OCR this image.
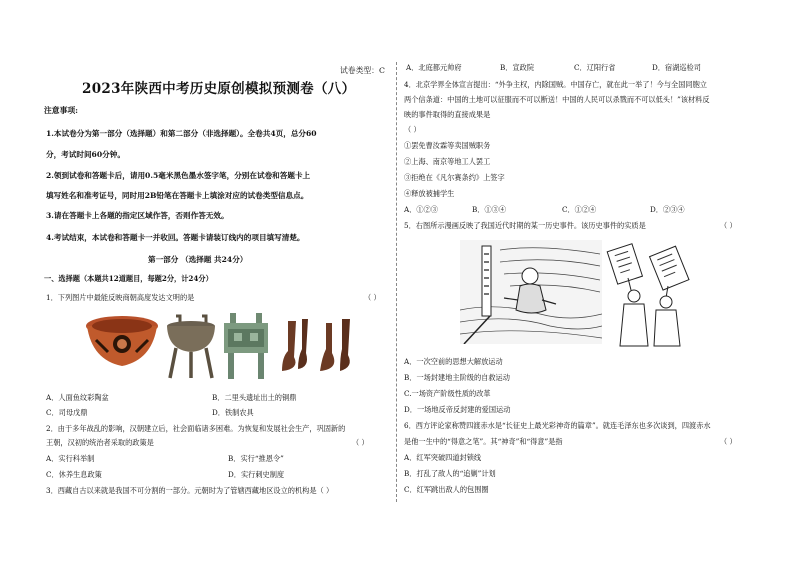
试卷类型：C
2023年陕西中考历史原创模拟预测卷（八）
注意事项:
1.本试卷分为第一部分（选择题）和第二部分（非选择题）。全卷共4页，总分60
分，考试时间60分钟。
2.领到试卷和答题卡后，请用0.5毫米黑色墨水签字笔，分别在试卷和答题卡上
填写姓名和准考证号，同时用2B铅笔在答题卡上填涂对应的试卷类型信息点。
3.请在答题卡上各题的指定区域作答，否则作答无效。
4.考试结束，本试卷和答题卡一并收回。答题卡请装订线内的项目填写清楚。
第一部分 （选择题 共24分）
一、选择题（本题共12道题目，每题2分，计24分）
1．下列图片中最能反映商朝高度发达文明的是	（ ）
A．人面鱼纹彩陶盆	B．二里头遗址出土的铜鼎
C．司母戊鼎	D．铁制农具
2．由于多年战乱的影响，汉朝建立后，社会面临诸多困难。为恢复和发展社会生产，巩固新的
王朝，汉初的统治者采取的政策是	（ ）
A．实行科举制	B．实行“推恩令”
C．休养生息政策	D．实行刺史制度
3．西藏自古以来就是我国不可分割的一部分。元朝时为了管辖西藏地区设立的机构是（ ）
A．北庭都元帅府	B．宣政院	C．辽阳行省	D．宿湖巡检司
4．北京学界全体宣言提出：“外争主权，内除国贼。中国存亡，就在此一举了！今与全国同胞立
两个信条道：中国的土地可以征服而不可以断送！中国的人民可以杀戮而不可以低头！”该材料反
映的事件取得的直接成果是
（ ）
①罢免曹汝霖等卖国贼职务
②上海、南京等地工人罢工
③拒绝在《凡尔赛条约》上签字
④释放被捕学生
A．①②③	B．①③④	C．①②④	D．②③④
5．右图所示漫画反映了我国近代时期的某一历史事件。该历史事件的实质是	（ ）
A．一次空前的思想大解放运动
B．一场封建地主阶级的自救运动
C.一场资产阶级性质的改革
D．一场地反帝反封建的爱国运动
6．西方评论家称赞四渡赤水是“长征史上最光彩神奇的篇章”。就连毛泽东也多次谈到，四渡赤水
是他一生中的“得意之笔”。其“神奇”和“得意”是指	（ ）
A．红军突破四道封锁线
B．打乱了敌人的“追剿”计划
C．红军跳出敌人的包围圈
